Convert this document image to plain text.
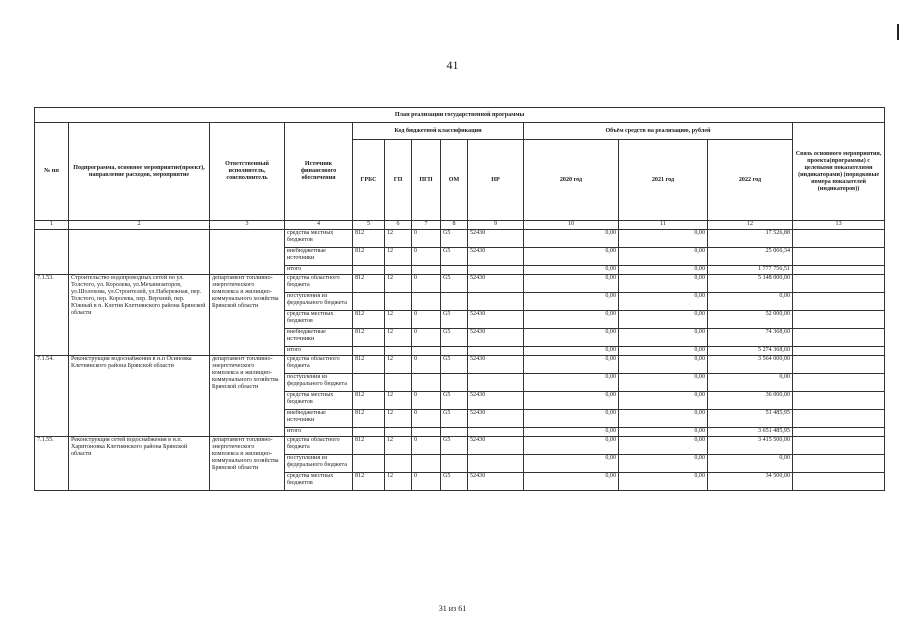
41
План реализации государственной программы												
№ пп	Подпрограмма, основное мероприятие(проект), направление расходов, мероприятие	Ответственный исполнитель, соисполнитель	Источник финансового обеспечения	Код бюджетной классификации					Объём средств на реализацию, рублей			Связь основного мероприятия, проекта(программы) с целевыми показателями (индикаторами) (порядковые номера показателей (индикаторов))
				ГРБС	ГП	ПГП	ОМ	НР	2020 год	2021 год	2022 год	
1	2	3	4	5	6	7	8	9	10	11	12	13
			средства местных бюджетов	812	12	0	G5	52430	0,00	0,00	17 526,88	
			внебюджетные источники	812	12	0	G5	52430	0,00	0,00	25 066,34	
			итого						0,00	0,00	1 777 756,51	
7.1.53.	Строительство водопроводных сетей по ул. Толстого, ул. Королева, ул.Механизаторов, ул.Шолохова, ул.Строителей, ул.Набережная, пер. Толстого, пер. Королева, пер. Верхний, пер. Южный в п. Клетня Клетнянского района Брянской области	департамент топливно-энергетического комплекса и жилищно-коммунального хозяйства Брянской области	средства областного бюджета	812	12	0	G5	52430	0,00	0,00	5 148 000,00	
			поступления из федерального бюджета						0,00	0,00	0,00	
			средства местных бюджетов	812	12	0	G5	52430	0,00	0,00	52 000,00	
			внебюджетные источники	812	12	0	G5	52430	0,00	0,00	74 368,60	
			итого						0,00	0,00	5 274 368,60	
7.1.54.	Реконструкция водоснабжения в н.п Осиновка Клетнянского района Брянской области	департамент топливно-энергетического комплекса и жилищно-коммунального хозяйства Брянской области	средства областного бюджета	812	12	0	G5	52430	0,00	0,00	3 564 000,00	
			поступления из федерального бюджета						0,00	0,00	0,00	
			средства местных бюджетов	812	12	0	G5	52430	0,00	0,00	36 000,00	
			внебюджетные источники	812	12	0	G5	52430	0,00	0,00	51 485,95	
			итого						0,00	0,00	3 651 485,95	
7.1.55.	Реконструкция сетей водоснабжения в н.п. Харитоновка Клетнянского района Брянской области	департамент топливно-энергетического комплекса и жилищно-коммунального хозяйства Брянской области	средства областного бюджета	812	12	0	G5	52430	0,00	0,00	3 415 500,00	
			поступления из федерального бюджета						0,00	0,00	0,00	
			средства местных бюджетов	812	12	0	G5	52430	0,00	0,00	34 500,00	
31 из 61
